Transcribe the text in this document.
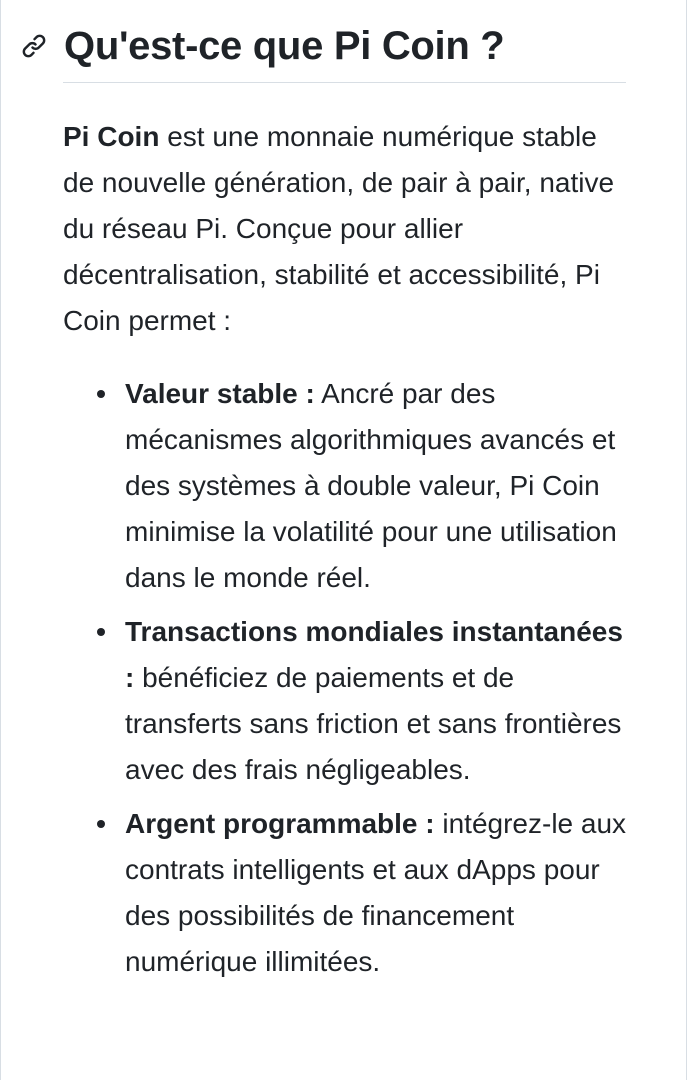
Qu'est-ce que Pi Coin ?

Pi Coin est une monnaie numérique stable de nouvelle génération, de pair à pair, native du réseau Pi. Conçue pour allier décentralisation, stabilité et accessibilité, Pi Coin permet :

Valeur stable : Ancré par des mécanismes algorithmiques avancés et des systèmes à double valeur, Pi Coin minimise la volatilité pour une utilisation dans le monde réel.
Transactions mondiales instantanées : bénéficiez de paiements et de transferts sans friction et sans frontières avec des frais négligeables.
Argent programmable : intégrez-le aux contrats intelligents et aux dApps pour des possibilités de financement numérique illimitées.
